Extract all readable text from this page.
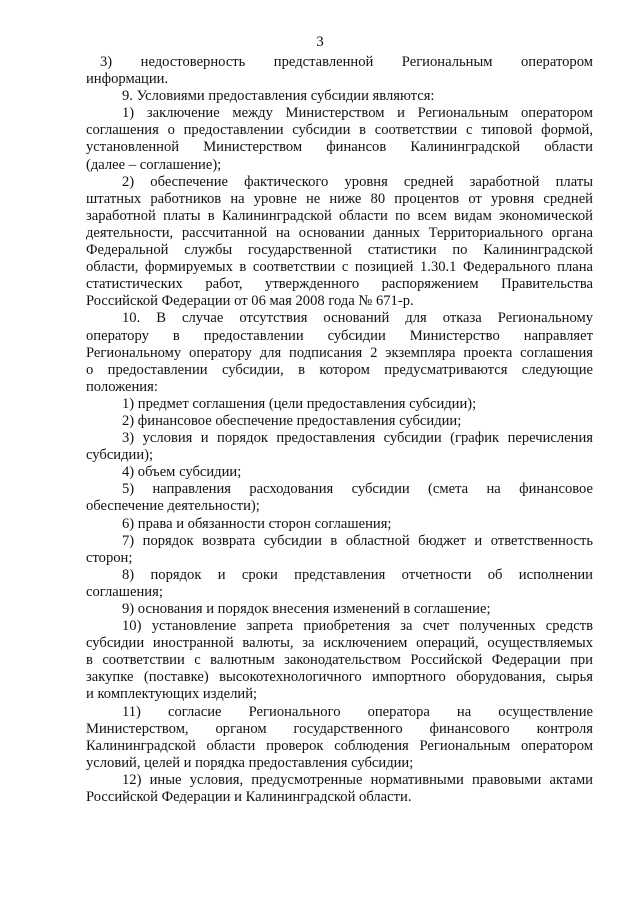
3
3) недостоверность представленной Региональным оператором
информации.
9. Условиями предоставления субсидии являются:
1) заключение между Министерством и Региональным оператором
соглашения о предоставлении субсидии в соответствии с типовой формой,
установленной Министерством финансов Калининградской области
(далее – соглашение);
2) обеспечение фактического уровня средней заработной платы
штатных работников на уровне не ниже 80 процентов от уровня средней
заработной платы в Калининградской области по всем видам экономической
деятельности, рассчитанной на основании данных Территориального органа
Федеральной службы государственной статистики по Калининградской
области, формируемых в соответствии с позицией 1.30.1 Федерального плана
статистических работ, утвержденного распоряжением Правительства
Российской Федерации от 06 мая 2008 года № 671-р.
10. В случае отсутствия оснований для отказа Региональному
оператору в предоставлении субсидии Министерство направляет
Региональному оператору для подписания 2 экземпляра проекта соглашения
о предоставлении субсидии, в котором предусматриваются следующие
положения:
1) предмет соглашения (цели предоставления субсидии);
2) финансовое обеспечение предоставления субсидии;
3) условия и порядок предоставления субсидии (график перечисления
субсидии);
4) объем субсидии;
5) направления расходования субсидии (смета на финансовое
обеспечение деятельности);
6) права и обязанности сторон соглашения;
7) порядок возврата субсидии в областной бюджет и ответственность
сторон;
8) порядок и сроки представления отчетности об исполнении
соглашения;
9) основания и порядок внесения изменений в соглашение;
10) установление запрета приобретения за счет полученных средств
субсидии иностранной валюты, за исключением операций, осуществляемых
в соответствии с валютным законодательством Российской Федерации при
закупке (поставке) высокотехнологичного импортного оборудования, сырья
и комплектующих изделий;
11) согласие Регионального оператора на осуществление
Министерством, органом государственного финансового контроля
Калининградской области проверок соблюдения Региональным оператором
условий, целей и порядка предоставления субсидии;
12) иные условия, предусмотренные нормативными правовыми актами
Российской Федерации и Калининградской области.
